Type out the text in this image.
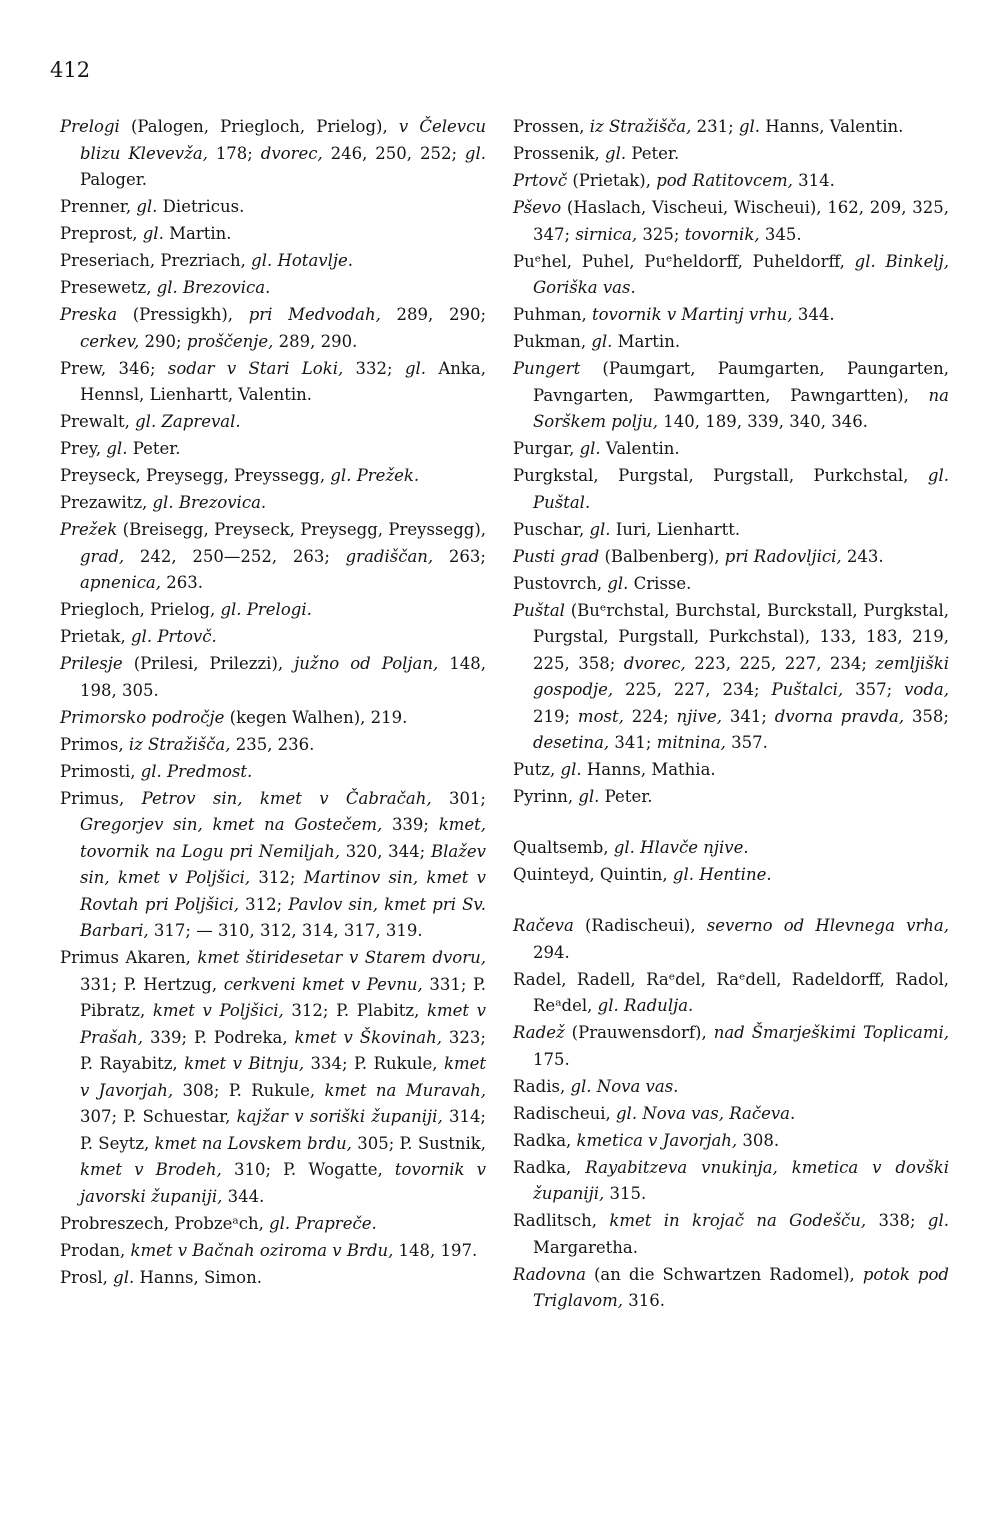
412

Prelogi (Palogen, Priegloch, Prielog), v Čelevcu blizu Klevevža, 178; dvorec, 246, 250, 252; gl. Paloger.

Prenner, gl. Dietricus.

Preprost, gl. Martin.

Preseriach, Prezriach, gl. Hotavlje.

Presewetz, gl. Brezovica.

Preska (Pressigkh), pri Medvodah, 289, 290; cerkev, 290; proščenje, 289, 290.

Prew, 346; sodar v Stari Loki, 332; gl. Anka, Hennsl, Lienhartt, Valentin.

Prewalt, gl. Zapreval.

Prey, gl. Peter.

Preyseck, Preysegg, Preyssegg, gl. Prežek.

Prezawitz, gl. Brezovica.

Prežek (Breisegg, Preyseck, Preysegg, Preyssegg), grad, 242, 250—252, 263; gradiščan, 263; apnenica, 263.

Priegloch, Prielog, gl. Prelogi.

Prietak, gl. Prtovč.

Prilesje (Prilesi, Prilezzi), južno od Poljan, 148, 198, 305.

Primorsko področje (kegen Walhen), 219.

Primos, iz Stražišča, 235, 236.

Primosti, gl. Predmost.

Primus, Petrov sin, kmet v Čabračah, 301; Gregorjev sin, kmet na Gostečem, 339; kmet, tovornik na Logu pri Nemiljah, 320, 344; Blažev sin, kmet v Poljšici, 312; Martinov sin, kmet v Rovtah pri Poljšici, 312; Pavlov sin, kmet pri Sv. Barbari, 317; — 310, 312, 314, 317, 319.

Primus Akaren, kmet štiridesetar v Starem dvoru, 331; P. Hertzug, cerkveni kmet v Pevnu, 331; P. Pibratz, kmet v Poljšici, 312; P. Plabitz, kmet v Prašah, 339; P. Podreka, kmet v Škovinah, 323; P. Rayabitz, kmet v Bitnju, 334; P. Rukule, kmet v Javorjah, 308; P. Rukule, kmet na Muravah, 307; P. Schuestar, kajžar v soriški županiji, 314; P. Seytz, kmet na Lovskem brdu, 305; P. Sustnik, kmet v Brodeh, 310; P. Wogatte, tovornik v javorski županiji, 344.

Probreszech, Probzeᵃch, gl. Prapreče.

Prodan, kmet v Bačnah oziroma v Brdu, 148, 197.

Prosl, gl. Hanns, Simon.

Prossen, iz Stražišča, 231; gl. Hanns, Valentin.

Prossenik, gl. Peter.

Prtovč (Prietak), pod Ratitovcem, 314.

Pševo (Haslach, Vischeui, Wischeui), 162, 209, 325, 347; sirnica, 325; tovornik, 345.

Puᵉhel, Puhel, Puᵉheldorff, Puheldorff, gl. Binkelj, Goriška vas.

Puhman, tovornik v Martinj vrhu, 344.

Pukman, gl. Martin.

Pungert (Paumgart, Paumgarten, Paungarten, Pavngarten, Pawmgartten, Pawngartten), na Sorškem polju, 140, 189, 339, 340, 346.

Purgar, gl. Valentin.

Purgkstal, Purgstal, Purgstall, Purkchstal, gl. Puštal.

Puschar, gl. Iuri, Lienhartt.

Pusti grad (Balbenberg), pri Radovljici, 243.

Pustovrch, gl. Crisse.

Puštal (Buᵉrchstal, Burchstal, Burckstall, Purgkstal, Purgstal, Purgstall, Purkchstal), 133, 183, 219, 225, 358; dvorec, 223, 225, 227, 234; zemljiški gospodje, 225, 227, 234; Puštalci, 357; voda, 219; most, 224; njive, 341; dvorna pravda, 358; desetina, 341; mitnina, 357.

Putz, gl. Hanns, Mathia.

Pyrinn, gl. Peter.

Qualtsemb, gl. Hlavče njive.

Quinteyd, Quintin, gl. Hentine.

Račeva (Radischeui), severno od Hlevnega vrha, 294.

Radel, Radell, Raᵉdel, Raᵉdell, Radeldorff, Radol, Reᵃdel, gl. Radulja.

Radež (Prauwensdorf), nad Šmarješkimi Toplicami, 175.

Radis, gl. Nova vas.

Radischeui, gl. Nova vas, Račeva.

Radka, kmetica v Javorjah, 308.

Radka, Rayabitzeva vnukinja, kmetica v dovški županiji, 315.

Radlitsch, kmet in krojač na Godešču, 338; gl. Margaretha.

Radovna (an die Schwartzen Radomel), potok pod Triglavom, 316.
